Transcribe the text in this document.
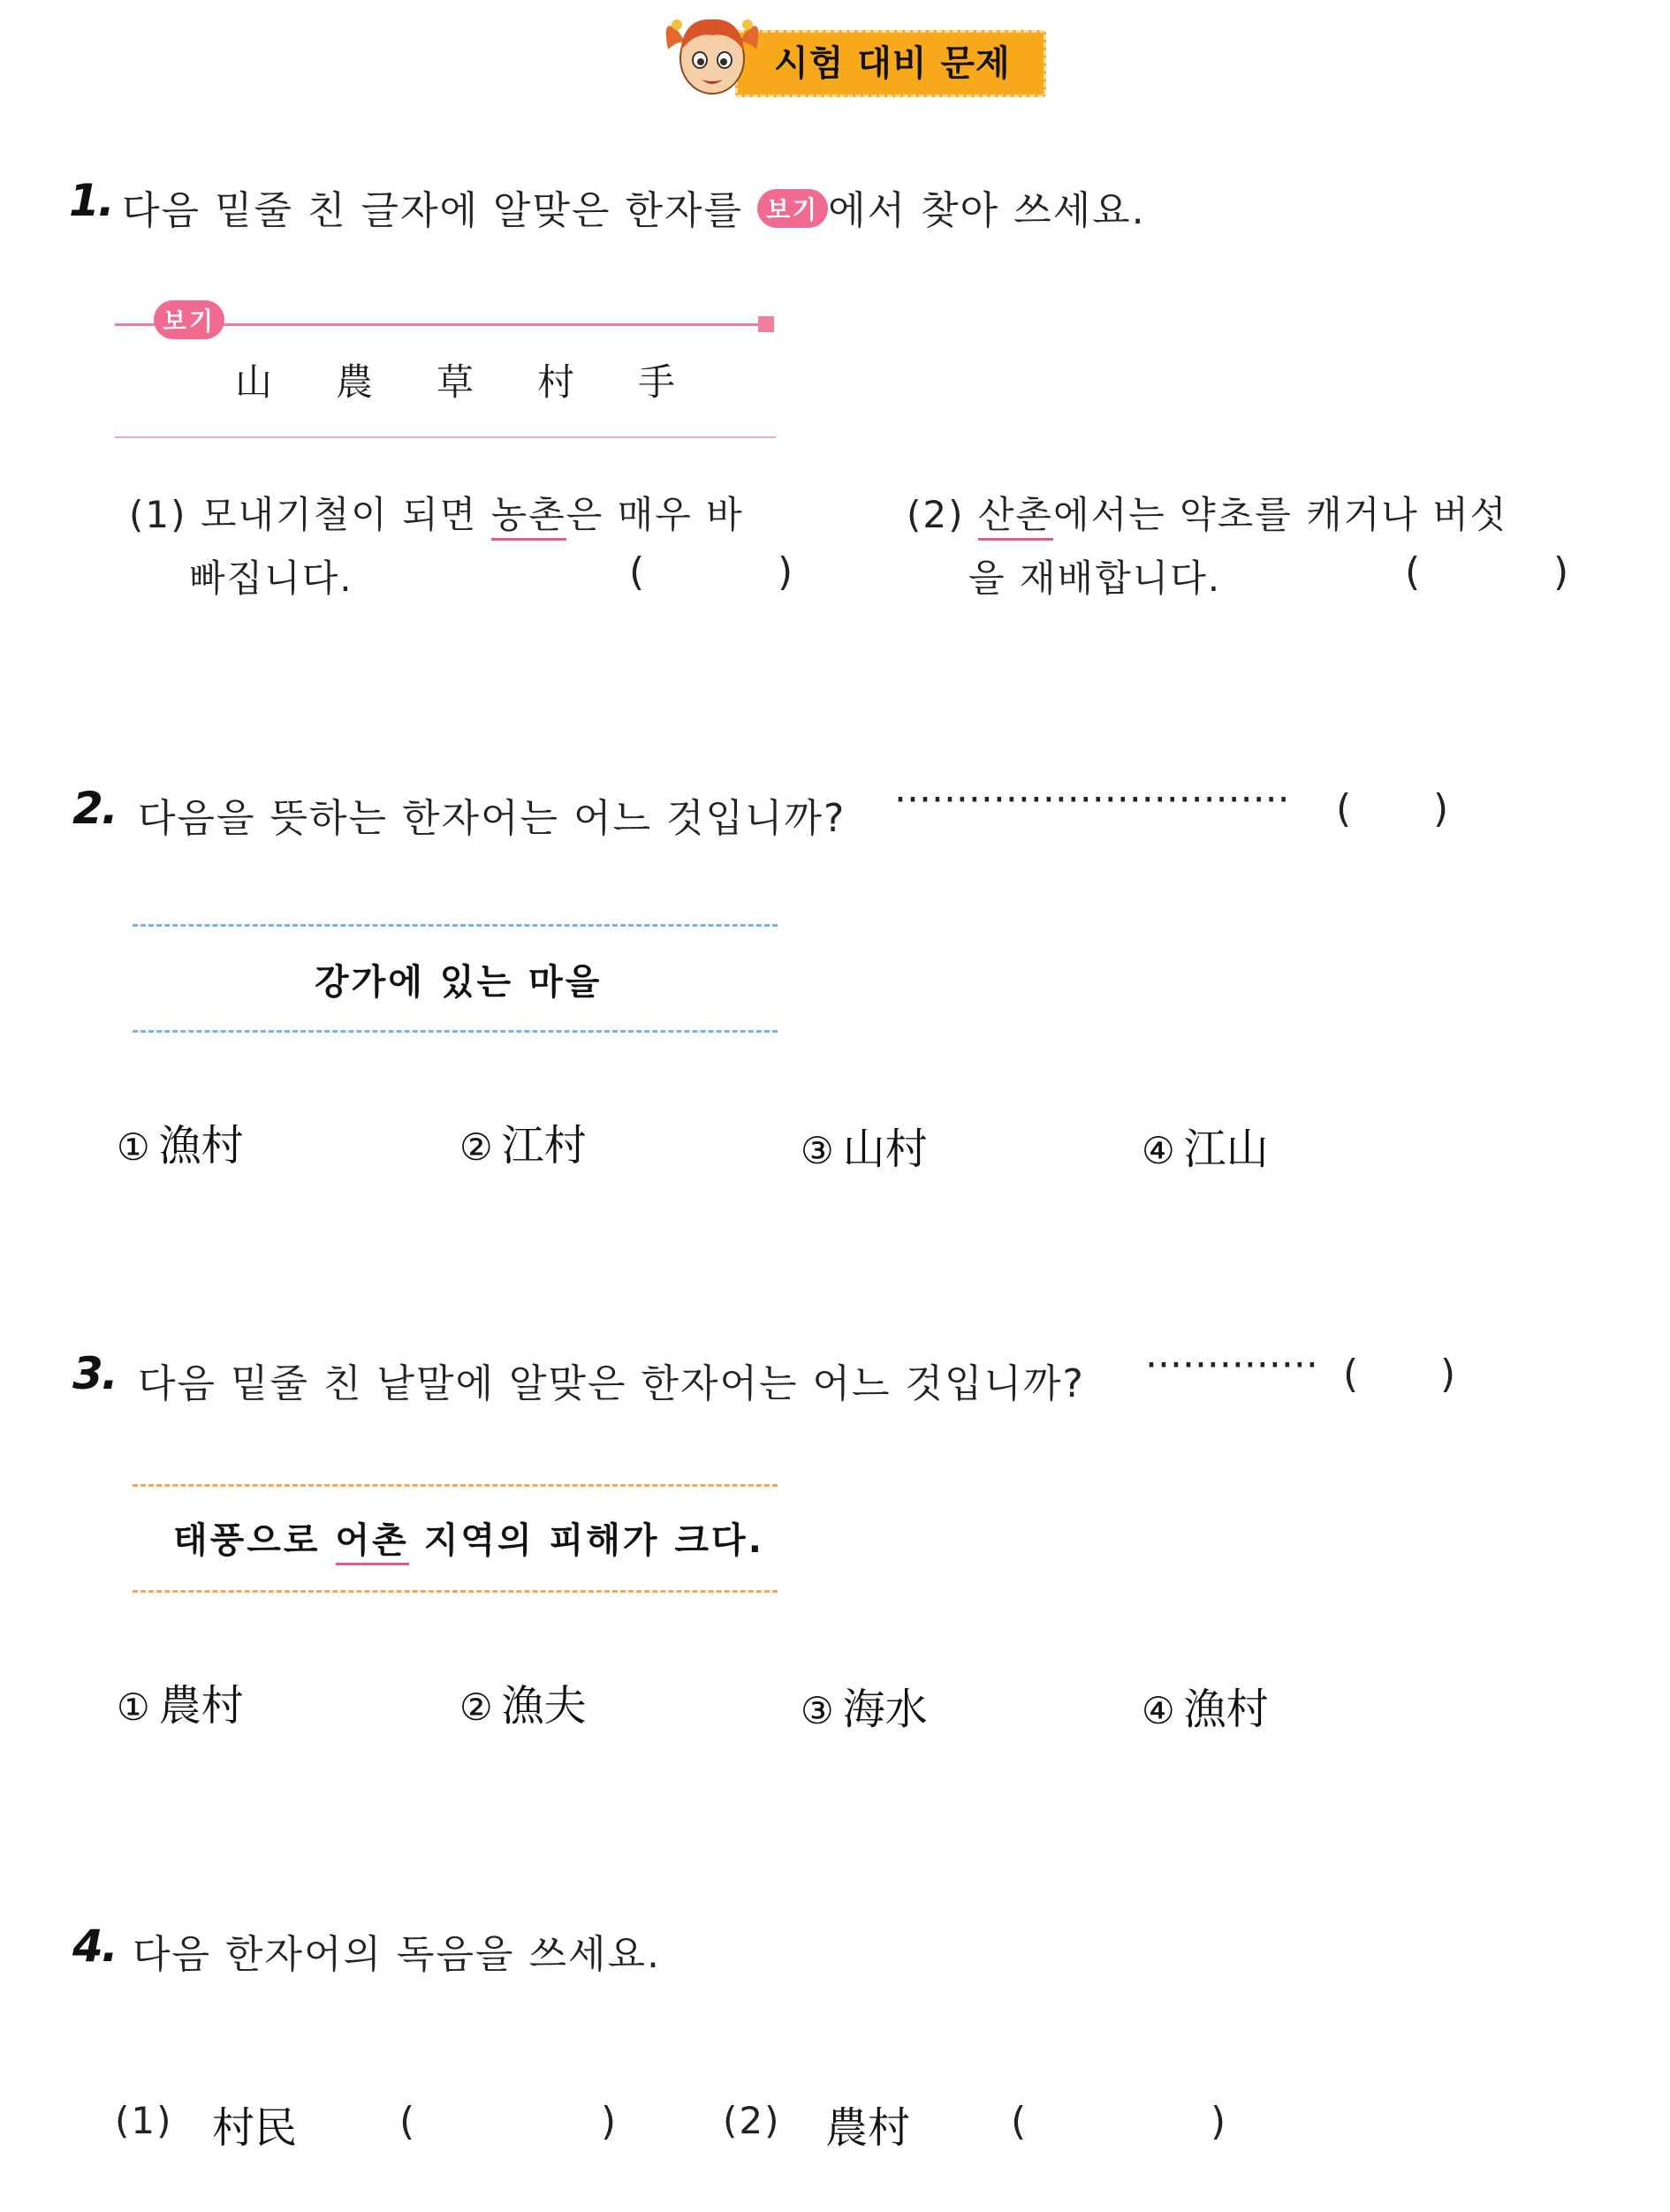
시험 대비 문제
1. 다음 밑줄 친 글자에 알맞은 한자를 보기 에서 찾아 쓰세요.
보기
山 農 草 村 手
(1) 모내기철이 되면 농촌은 매우 바
빠집니다.	(	)
(2) 산촌에서는 약초를 캐거나 버섯
을 재배합니다.	(	)
2. 다음을 뜻하는 한자어는 어느 것입니까? ································ ( )
강가에 있는 마을
① 漁村	② 江村	③ 山村	④ 江山
3. 다음 밑줄 친 낱말에 알맞은 한자어는 어느 것입니까? ·············· ( )
태풍으로 어촌 지역의 피해가 크다.
① 農村	② 漁夫	③ 海水	④ 漁村
4. 다음 한자어의 독음을 쓰세요.
(1) 村民	(	)	(2) 農村	(	)
